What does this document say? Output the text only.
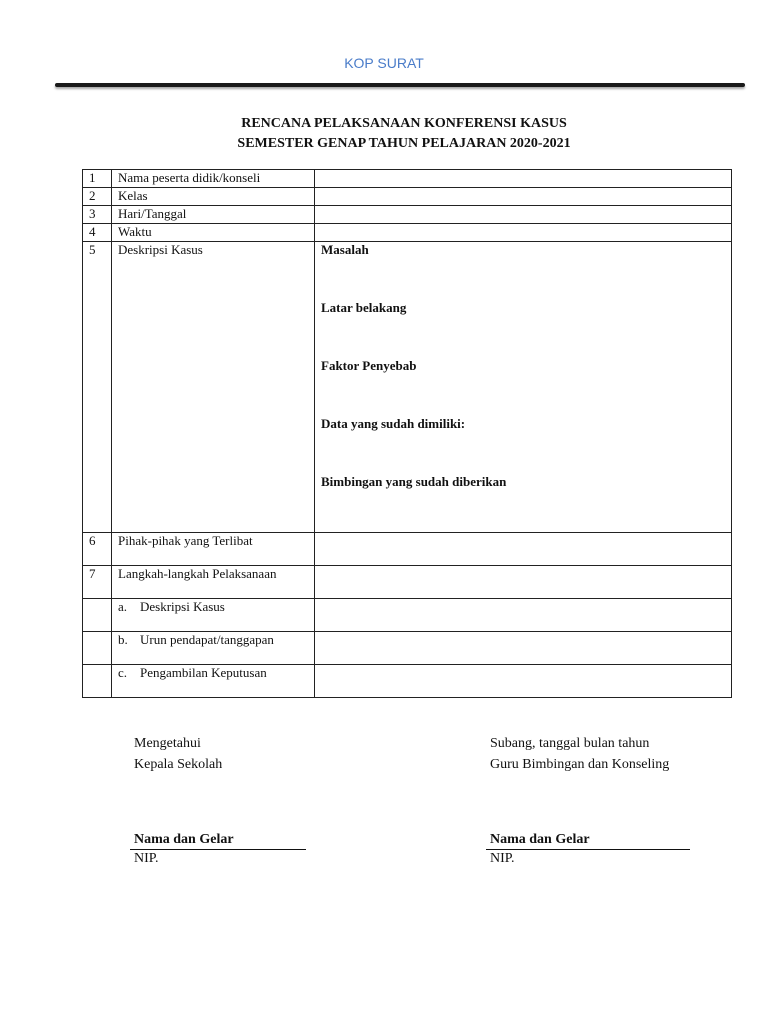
KOP SURAT
RENCANA PELAKSANAAN KONFERENSI KASUS
SEMESTER GENAP TAHUN PELAJARAN 2020-2021
1	Nama peserta didik/konseli	
2	Kelas	
3	Hari/Tanggal	
4	Waktu	
5	Deskripsi Kasus	Masalah
Latar belakang
Faktor Penyebab
Data yang sudah dimiliki:
Bimbingan yang sudah diberikan

6	Pihak-pihak yang Terlibat	
7	Langkah-langkah Pelaksanaan	
	a. Deskripsi Kasus	
	b. Urun pendapat/tanggapan	
	c. Pengambilan Keputusan	
Mengetahui
Kepala Sekolah
Subang, tanggal bulan tahun
Guru Bimbingan dan Konseling
Nama dan Gelar	Nama dan Gelar
NIP.	NIP.
